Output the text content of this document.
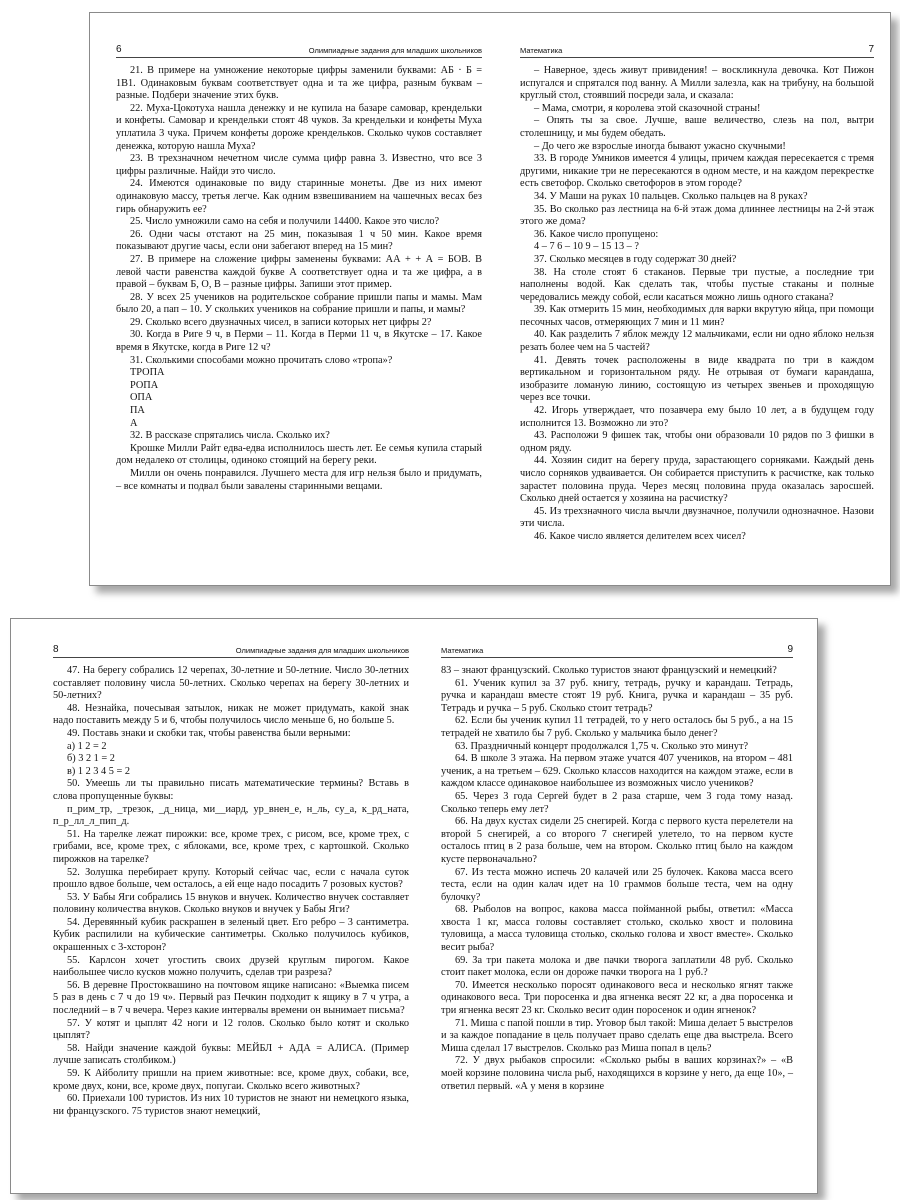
6	Олимпиадные задания для младших школьников

21. В примере на умножение некоторые цифры заменили буквами: АБ · Б = 1В1. Одинаковым буквам соответствует одна и та же цифра, разным буквам – разные. Подбери значение этих букв.

22. Муха-Цокотуха нашла денежку и не купила на базаре самовар, крендельки и конфеты. Самовар и крендельки стоят 48 чуков. За крендельки и конфеты Муха уплатила 3 чука. Причем конфеты дороже крендельков. Сколько чуков составляет денежка, которую нашла Муха?

23. В трехзначном нечетном числе сумма цифр равна 3. Известно, что все 3 цифры различные. Найди это число.

24. Имеются одинаковые по виду старинные монеты. Две из них имеют одинаковую массу, третья легче. Как одним взвешиванием на чашечных весах без гирь обнаружить ее?

25. Число умножили само на себя и получили 14400. Какое это число?

26. Одни часы отстают на 25 мин, показывая 1 ч 50 мин. Какое время показывают другие часы, если они забегают вперед на 15 мин?

27. В примере на сложение цифры заменены буквами: АА + + А = БОВ. В левой части равенства каждой букве А соответствует одна и та же цифра, а в правой – буквам Б, О, В – разные цифры. Запиши этот пример.

28. У всех 25 учеников на родительское собрание пришли папы и мамы. Мам было 20, а пап – 10. У скольких учеников на собрание пришли и папы, и мамы?

29. Сколько всего двузначных чисел, в записи которых нет цифры 2?

30. Когда в Риге 9 ч, в Перми – 11. Когда в Перми 11 ч, в Якутске – 17. Какое время в Якутске, когда в Риге 12 ч?

31. Сколькими способами можно прочитать слово «тропа»?

ТРОПА

РОПА

ОПА

ПА

А

32. В рассказе спрятались числа. Сколько их?

Крошке Милли Райт едва-едва исполнилось шесть лет. Ее семья купила старый дом недалеко от столицы, одиноко стоящий на берегу реки.

Милли он очень понравился. Лучшего места для игр нельзя было и придумать, – все комнаты и подвал были завалены старинными вещами.

Математика	7

– Наверное, здесь живут привидения! – воскликнула девочка. Кот Пижон испугался и спрятался под ванну. А Милли залезла, как на трибуну, на большой круглый стол, стоявший посреди зала, и сказала:

– Мама, смотри, я королева этой сказочной страны!

– Опять ты за свое. Лучше, ваше величество, слезь на пол, вытри столешницу, и мы будем обедать.

– До чего же взрослые иногда бывают ужасно скучными!

33. В городе Умников имеется 4 улицы, причем каждая пересекается с тремя другими, никакие три не пересекаются в одном месте, и на каждом перекрестке есть светофор. Сколько светофоров в этом городе?

34. У Маши на руках 10 пальцев. Сколько пальцев на 8 руках?

35. Во сколько раз лестница на 6-й этаж дома длиннее лестницы на 2-й этаж этого же дома?

36. Какое число пропущено:

4 – 7 6 – 10 9 – 15 13 – ?

37. Сколько месяцев в году содержат 30 дней?

38. На столе стоят 6 стаканов. Первые три пустые, а последние три наполнены водой. Как сделать так, чтобы пустые стаканы и полные чередовались между собой, если касаться можно лишь одного стакана?

39. Как отмерить 15 мин, необходимых для варки вкрутую яйца, при помощи песочных часов, отмеряющих 7 мин и 11 мин?

40. Как разделить 7 яблок между 12 мальчиками, если ни одно яблоко нельзя резать более чем на 5 частей?

41. Девять точек расположены в виде квадрата по три в каждом вертикальном и горизонтальном ряду. Не отрывая от бумаги карандаша, изобразите ломаную линию, состоящую из четырех звеньев и проходящую через все точки.

42. Игорь утверждает, что позавчера ему было 10 лет, а в будущем году исполнится 13. Возможно ли это?

43. Расположи 9 фишек так, чтобы они образовали 10 рядов по 3 фишки в одном ряду.

44. Хозяин сидит на берегу пруда, зарастающего сорняками. Каждый день число сорняков удваивается. Он собирается приступить к расчистке, как только зарастет половина пруда. Через месяц половина пруда оказалась заросшей. Сколько дней остается у хозяина на расчистку?

45. Из трехзначного числа вычли двузначное, получили однозначное. Назови эти числа.

46. Какое число является делителем всех чисел?

8	Олимпиадные задания для младших школьников

47. На берегу собрались 12 черепах, 30-летние и 50-летние. Число 30-летних составляет половину числа 50-летних. Сколько черепах на берегу 30-летних и 50-летних?

48. Незнайка, почесывая затылок, никак не может придумать, какой знак надо поставить между 5 и 6, чтобы получилось число меньше 6, но больше 5.

49. Поставь знаки и скобки так, чтобы равенства были верными:

а) 1 2 = 2

б) 3 2 1 = 2

в) 1 2 3 4 5 = 2

50. Умеешь ли ты правильно писать математические термины? Вставь в слова пропущенные буквы:

п_рим_тр, _трезок, _д_ница, ми__иард, ур_внен_е, н_ль, су_а, к_рд_ната, п_р_лл_л_пип_д.

51. На тарелке лежат пирожки: все, кроме трех, с рисом, все, кроме трех, с грибами, все, кроме трех, с яблоками, все, кроме трех, с картошкой. Сколько пирожков на тарелке?

52. Золушка перебирает крупу. Который сейчас час, если с начала суток прошло вдвое больше, чем осталось, а ей еще надо посадить 7 розовых кустов?

53. У Бабы Яги собрались 15 внуков и внучек. Количество внучек составляет половину количества внуков. Сколько внуков и внучек у Бабы Яги?

54. Деревянный кубик раскрашен в зеленый цвет. Его ребро – 3 сантиметра. Кубик распилили на кубические сантиметры. Сколько получилось кубиков, окрашенных с 3-хсторон?

55. Карлсон хочет угостить своих друзей круглым пирогом. Какое наибольшее число кусков можно получить, сделав три разреза?

56. В деревне Простоквашино на почтовом ящике написано: «Выемка писем 5 раз в день с 7 ч до 19 ч». Первый раз Печкин подходит к ящику в 7 ч утра, а последний – в 7 ч вечера. Через какие интервалы времени он вынимает письма?

57. У котят и цыплят 42 ноги и 12 голов. Сколько было котят и сколько цыплят?

58. Найди значение каждой буквы: МЕЙБЛ + АДА = АЛИСА. (Пример лучше записать столбиком.)

59. К Айболиту пришли на прием животные: все, кроме двух, собаки, все, кроме двух, кони, все, кроме двух, попугаи. Сколько всего животных?

60. Приехали 100 туристов. Из них 10 туристов не знают ни немецкого языка, ни французского. 75 туристов знают немецкий,

Математика	9

83 – знают французский. Сколько туристов знают французский и немецкий?

61. Ученик купил за 37 руб. книгу, тетрадь, ручку и карандаш. Тетрадь, ручка и карандаш вместе стоят 19 руб. Книга, ручка и карандаш – 35 руб. Тетрадь и ручка – 5 руб. Сколько стоит тетрадь?

62. Если бы ученик купил 11 тетрадей, то у него осталось бы 5 руб., а на 15 тетрадей не хватило бы 7 руб. Сколько у мальчика было денег?

63. Праздничный концерт продолжался 1,75 ч. Сколько это минут?

64. В школе 3 этажа. На первом этаже учатся 407 учеников, на втором – 481 ученик, а на третьем – 629. Сколько классов находится на каждом этаже, если в каждом классе одинаковое наибольшее из возможных число учеников?

65. Через 3 года Сергей будет в 2 раза старше, чем 3 года тому назад. Сколько теперь ему лет?

66. На двух кустах сидели 25 снегирей. Когда с первого куста перелетели на второй 5 снегирей, а со второго 7 снегирей улетело, то на первом кусте осталось птиц в 2 раза больше, чем на втором. Сколько птиц было на каждом кусте первоначально?

67. Из теста можно испечь 20 калачей или 25 булочек. Какова масса всего теста, если на один калач идет на 10 граммов больше теста, чем на одну булочку?

68. Рыболов на вопрос, какова масса пойманной рыбы, ответил: «Масса хвоста 1 кг, масса головы составляет столько, сколько хвост и половина туловища, а масса туловища столько, сколько голова и хвост вместе». Сколько весит рыба?

69. За три пакета молока и две пачки творога заплатили 48 руб. Сколько стоит пакет молока, если он дороже пачки творога на 1 руб.?

70. Имеется несколько поросят одинакового веса и несколько ягнят также одинакового веса. Три поросенка и два ягненка весят 22 кг, а два поросенка и три ягненка весят 23 кг. Сколько весит один поросенок и один ягненок?

71. Миша с папой пошли в тир. Уговор был такой: Миша делает 5 выстрелов и за каждое попадание в цель получает право сделать еще два выстрела. Всего Миша сделал 17 выстрелов. Сколько раз Миша попал в цель?

72. У двух рыбаков спросили: «Сколько рыбы в ваших корзинах?» – «В моей корзине половина числа рыб, находящихся в корзине у него, да еще 10», – ответил первый. «А у меня в корзине
